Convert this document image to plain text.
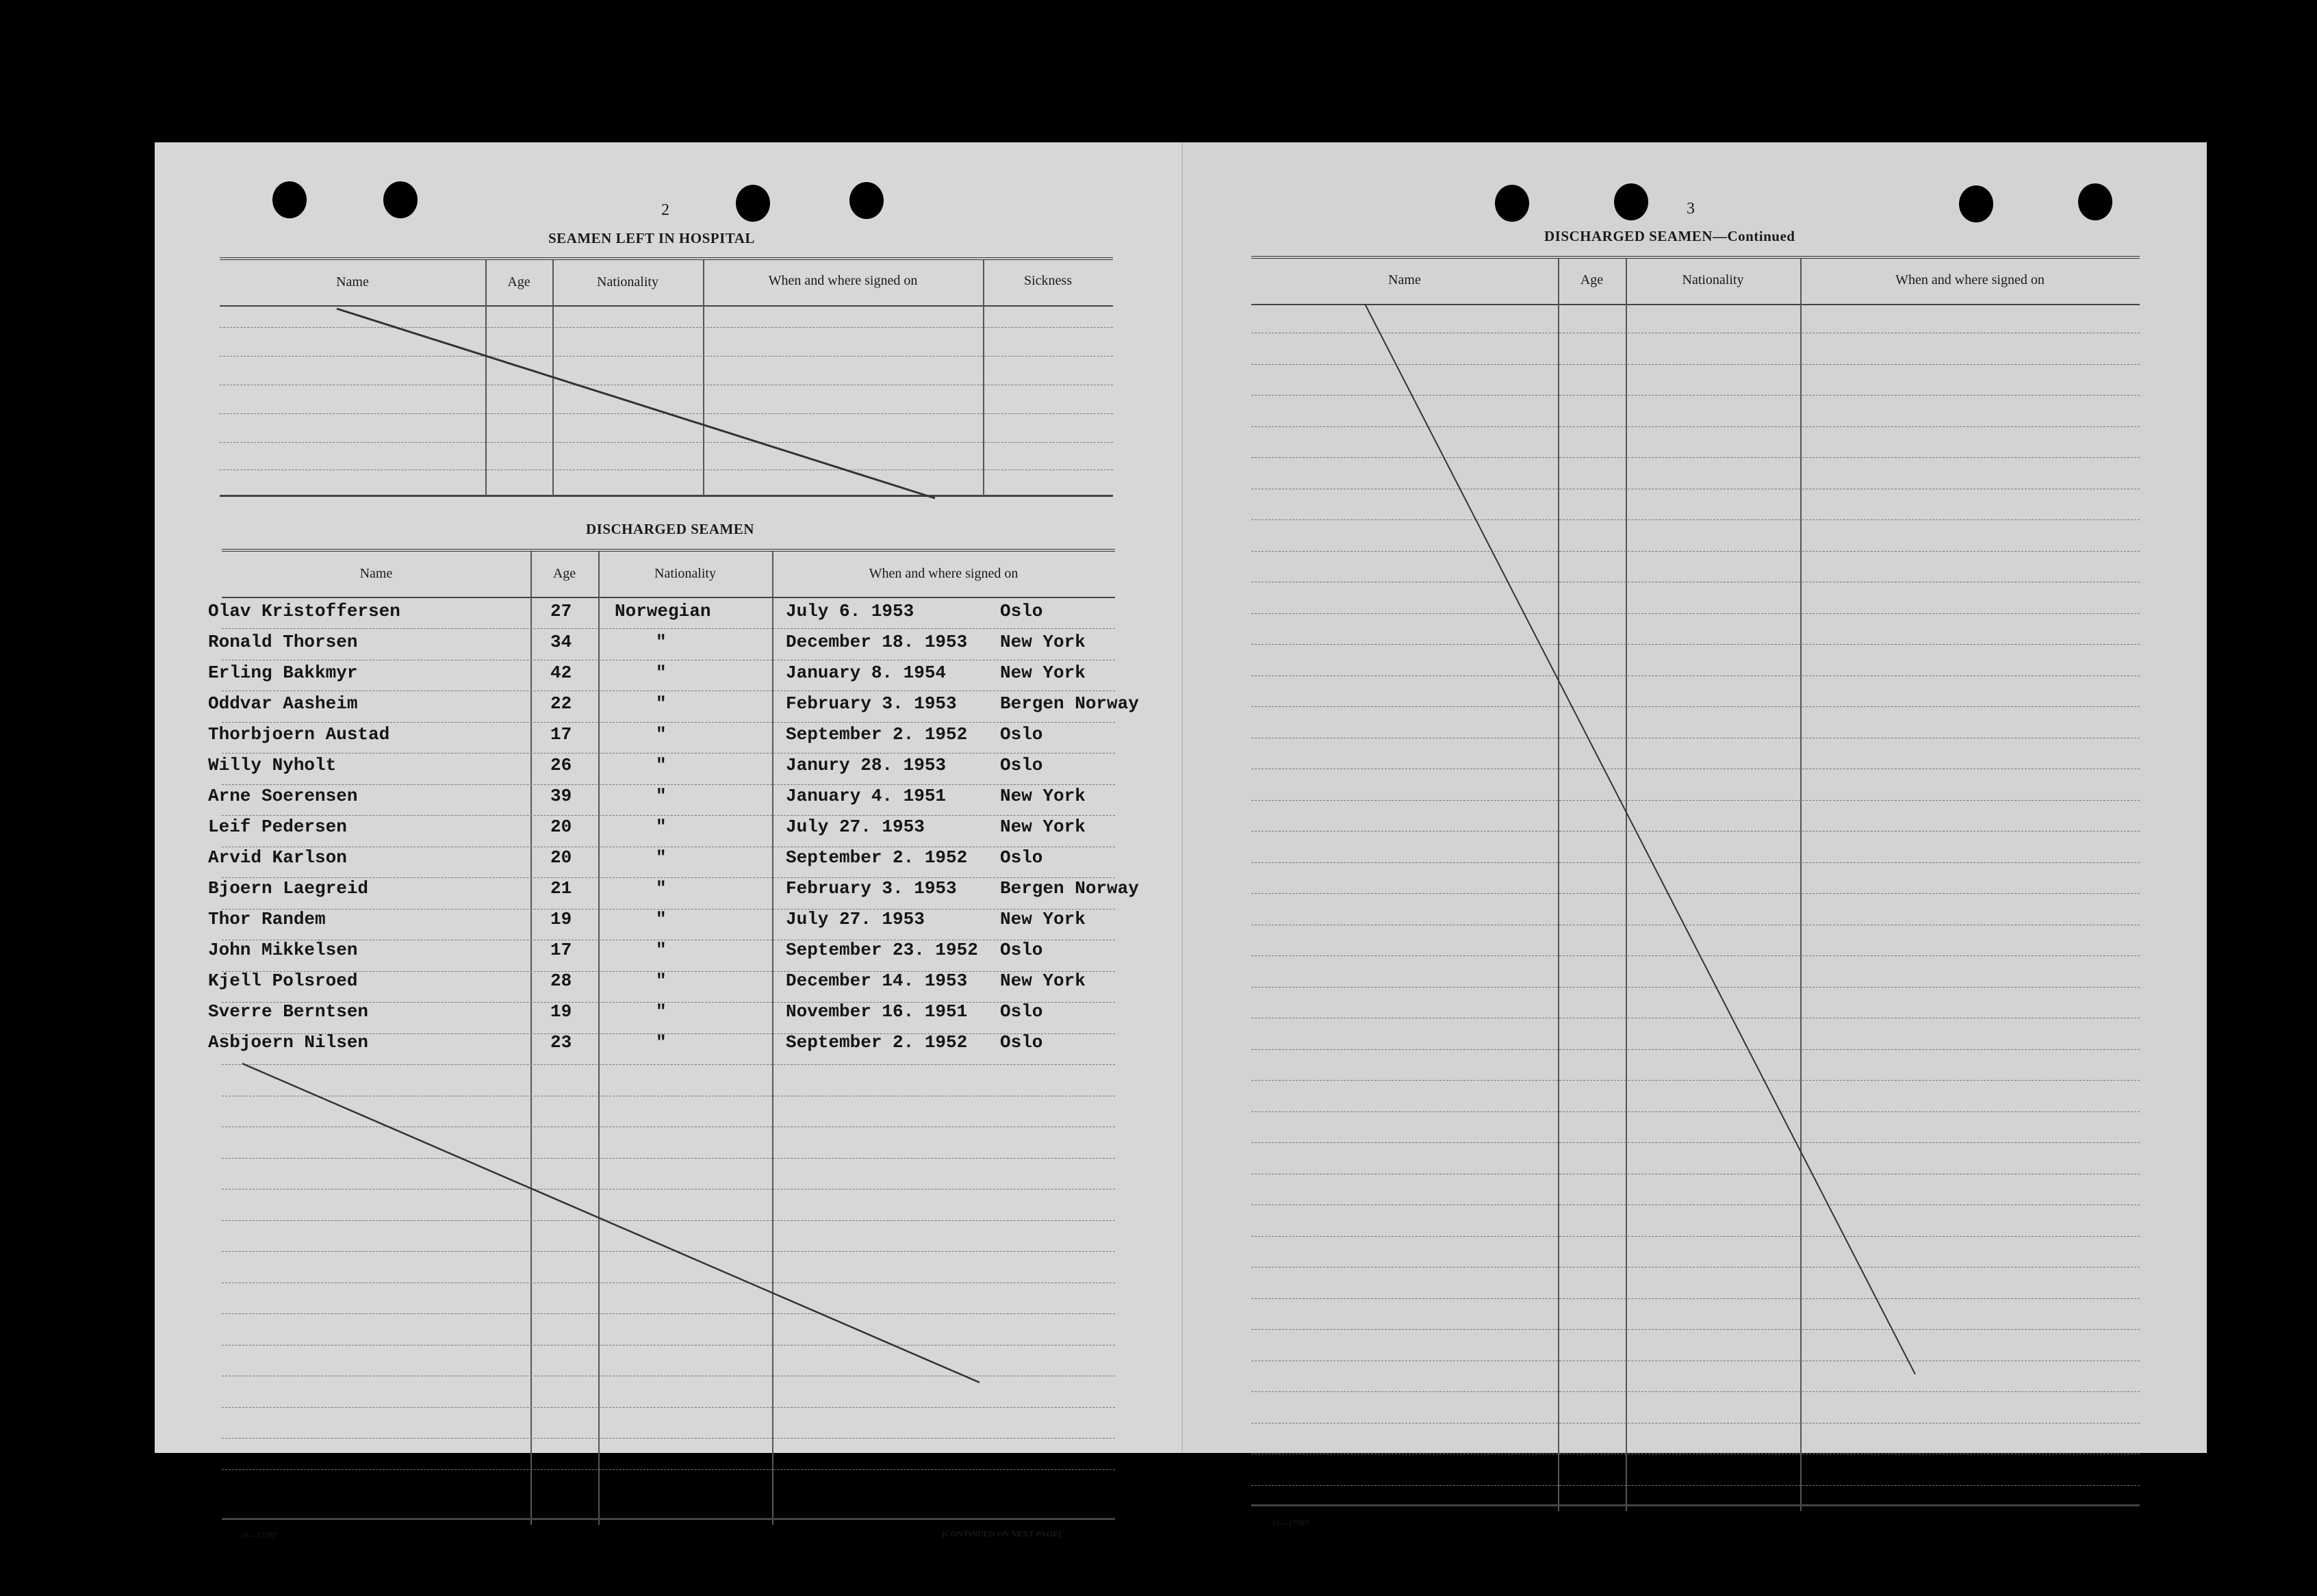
2
SEAMEN LEFT IN HOSPITAL
Name	Age	Nationality	When and where signed on	Sickness
DISCHARGED SEAMEN
Name	Age	Nationality	When and where signed on
Olav Kristoffersen	27 Norwegian	July 6. 1953	Oslo
Ronald Thorsen	34	"	December 18. 1953 New York
Erling Bakkmyr	42	"	January 8. 1954	New York
Oddvar Aasheim	22	"	February 3. 1953 Bergen Norway
Thorbjoern Austad	17	"	September 2. 1952 Oslo
Willy Nyholt	26	"	Janury 28. 1953	Oslo
Arne Soerensen	39	"	January 4. 1951	New York
Leif Pedersen	20	"	July 27. 1953	New York
Arvid Karlson	20	"	September 2. 1952 Oslo
Bjoern Laegreid	21	"	February 3. 1953 Bergen Norway
Thor Randem	19	"	July 27. 1953	New York
John Mikkelsen	17	"	September 23. 1952 Oslo
Kjell Polsroed	28	"	December 14. 1953 New York
Sverre Berntsen	19	"	November 16. 1951 Oslo
Asbjoern Nilsen	23	"	September 2. 1952 Oslo
16—17387	[CONTINUED ON NEXT PAGE]
3
DISCHARGED SEAMEN—Continued
Name	Age	Nationality	When and where signed on
16—17387
